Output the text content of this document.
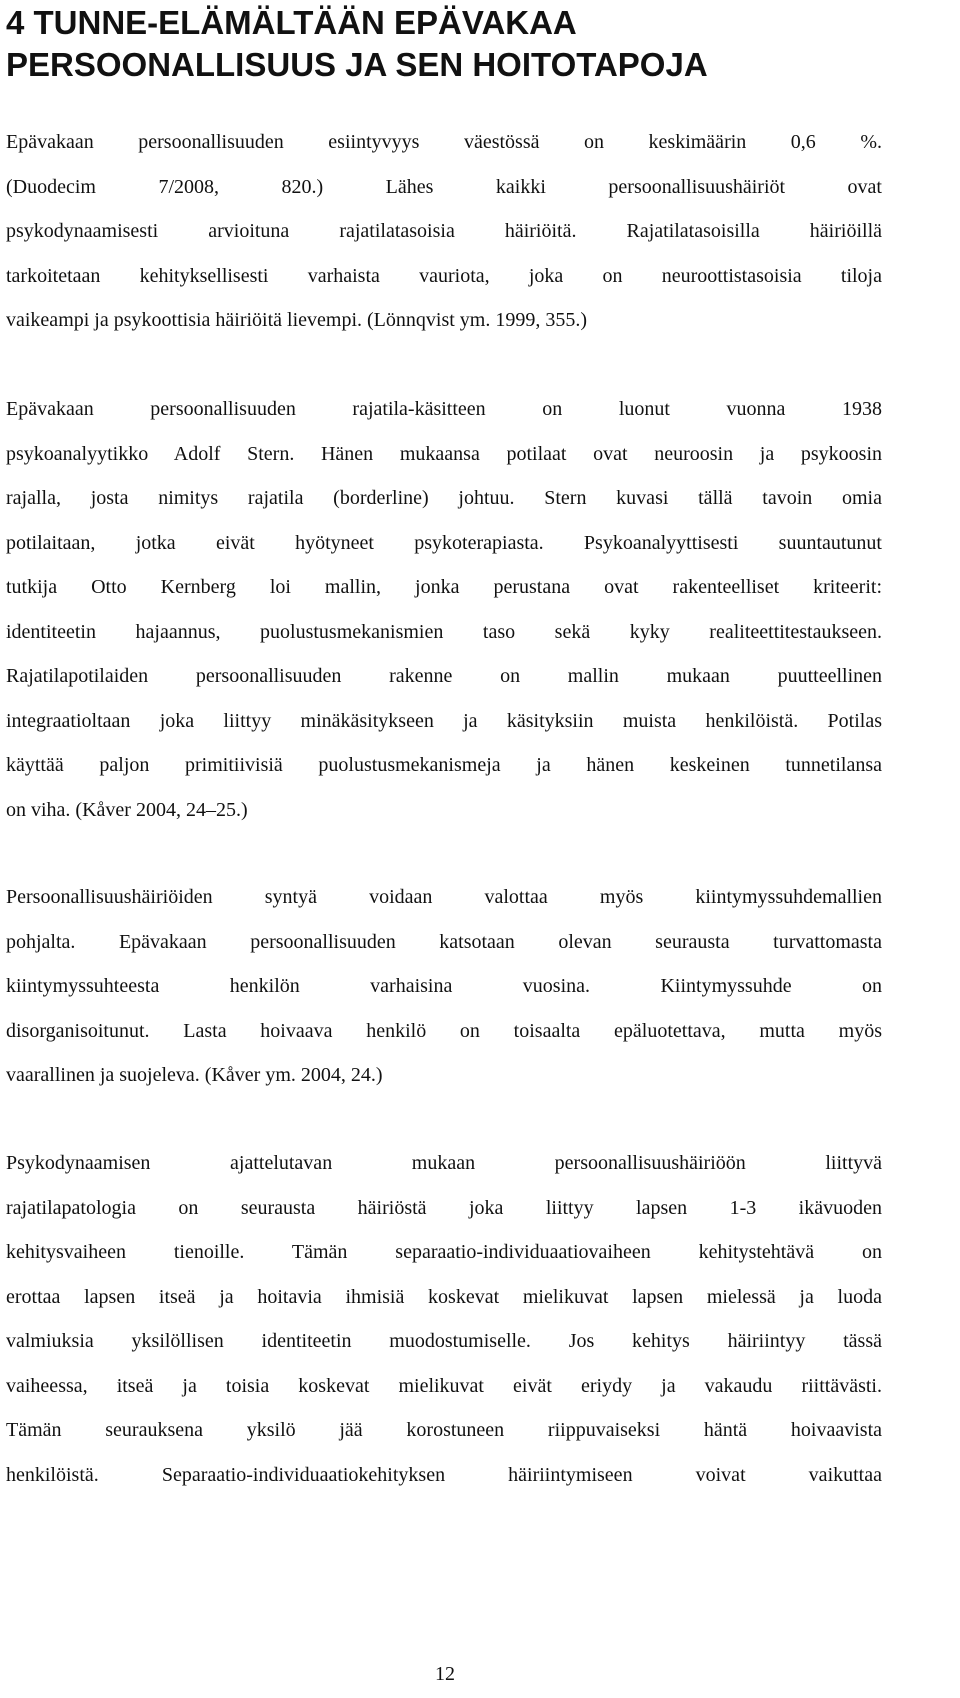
4 TUNNE-ELÄMÄLTÄÄN EPÄVAKAA
PERSOONALLISUUS JA SEN HOITOTAPOJA
Epävakaan persoonallisuuden esiintyvyys väestössä on keskimäärin 0,6 %.
(Duodecim 7/2008, 820.) Lähes kaikki persoonallisuushäiriöt ovat
psykodynaamisesti arvioituna rajatilatasoisia häiriöitä. Rajatilatasoisilla häiriöillä
tarkoitetaan kehityksellisesti varhaista vauriota, joka on neuroottistasoisia tiloja
vaikeampi ja psykoottisia häiriöitä lievempi. (Lönnqvist ym. 1999, 355.)
Epävakaan persoonallisuuden rajatila-käsitteen on luonut vuonna 1938
psykoanalyytikko Adolf Stern. Hänen mukaansa potilaat ovat neuroosin ja psykoosin
rajalla, josta nimitys rajatila (borderline) johtuu. Stern kuvasi tällä tavoin omia
potilaitaan, jotka eivät hyötyneet psykoterapiasta. Psykoanalyyttisesti suuntautunut
tutkija Otto Kernberg loi mallin, jonka perustana ovat rakenteelliset kriteerit:
identiteetin hajaannus, puolustusmekanismien taso sekä kyky realiteettitestaukseen.
Rajatilapotilaiden persoonallisuuden rakenne on mallin mukaan puutteellinen
integraatioltaan joka liittyy minäkäsitykseen ja käsityksiin muista henkilöistä. Potilas
käyttää paljon primitiivisiä puolustusmekanismeja ja hänen keskeinen tunnetilansa
on viha. (Kåver 2004, 24–25.)
Persoonallisuushäiriöiden syntyä voidaan valottaa myös kiintymyssuhdemallien
pohjalta. Epävakaan persoonallisuuden katsotaan olevan seurausta turvattomasta
kiintymyssuhteesta henkilön varhaisina vuosina. Kiintymyssuhde on
disorganisoitunut. Lasta hoivaava henkilö on toisaalta epäluotettava, mutta myös
vaarallinen ja suojeleva. (Kåver ym. 2004, 24.)
Psykodynaamisen ajattelutavan mukaan persoonallisuushäiriöön liittyvä
rajatilapatologia on seurausta häiriöstä joka liittyy lapsen 1-3 ikävuoden
kehitysvaiheen tienoille. Tämän separaatio-individuaatiovaiheen kehitystehtävä on
erottaa lapsen itseä ja hoitavia ihmisiä koskevat mielikuvat lapsen mielessä ja luoda
valmiuksia yksilöllisen identiteetin muodostumiselle. Jos kehitys häiriintyy tässä
vaiheessa, itseä ja toisia koskevat mielikuvat eivät eriydy ja vakaudu riittävästi.
Tämän seurauksena yksilö jää korostuneen riippuvaiseksi häntä hoivaavista
henkilöistä. Separaatio-individuaatiokehityksen häiriintymiseen voivat vaikuttaa
12
